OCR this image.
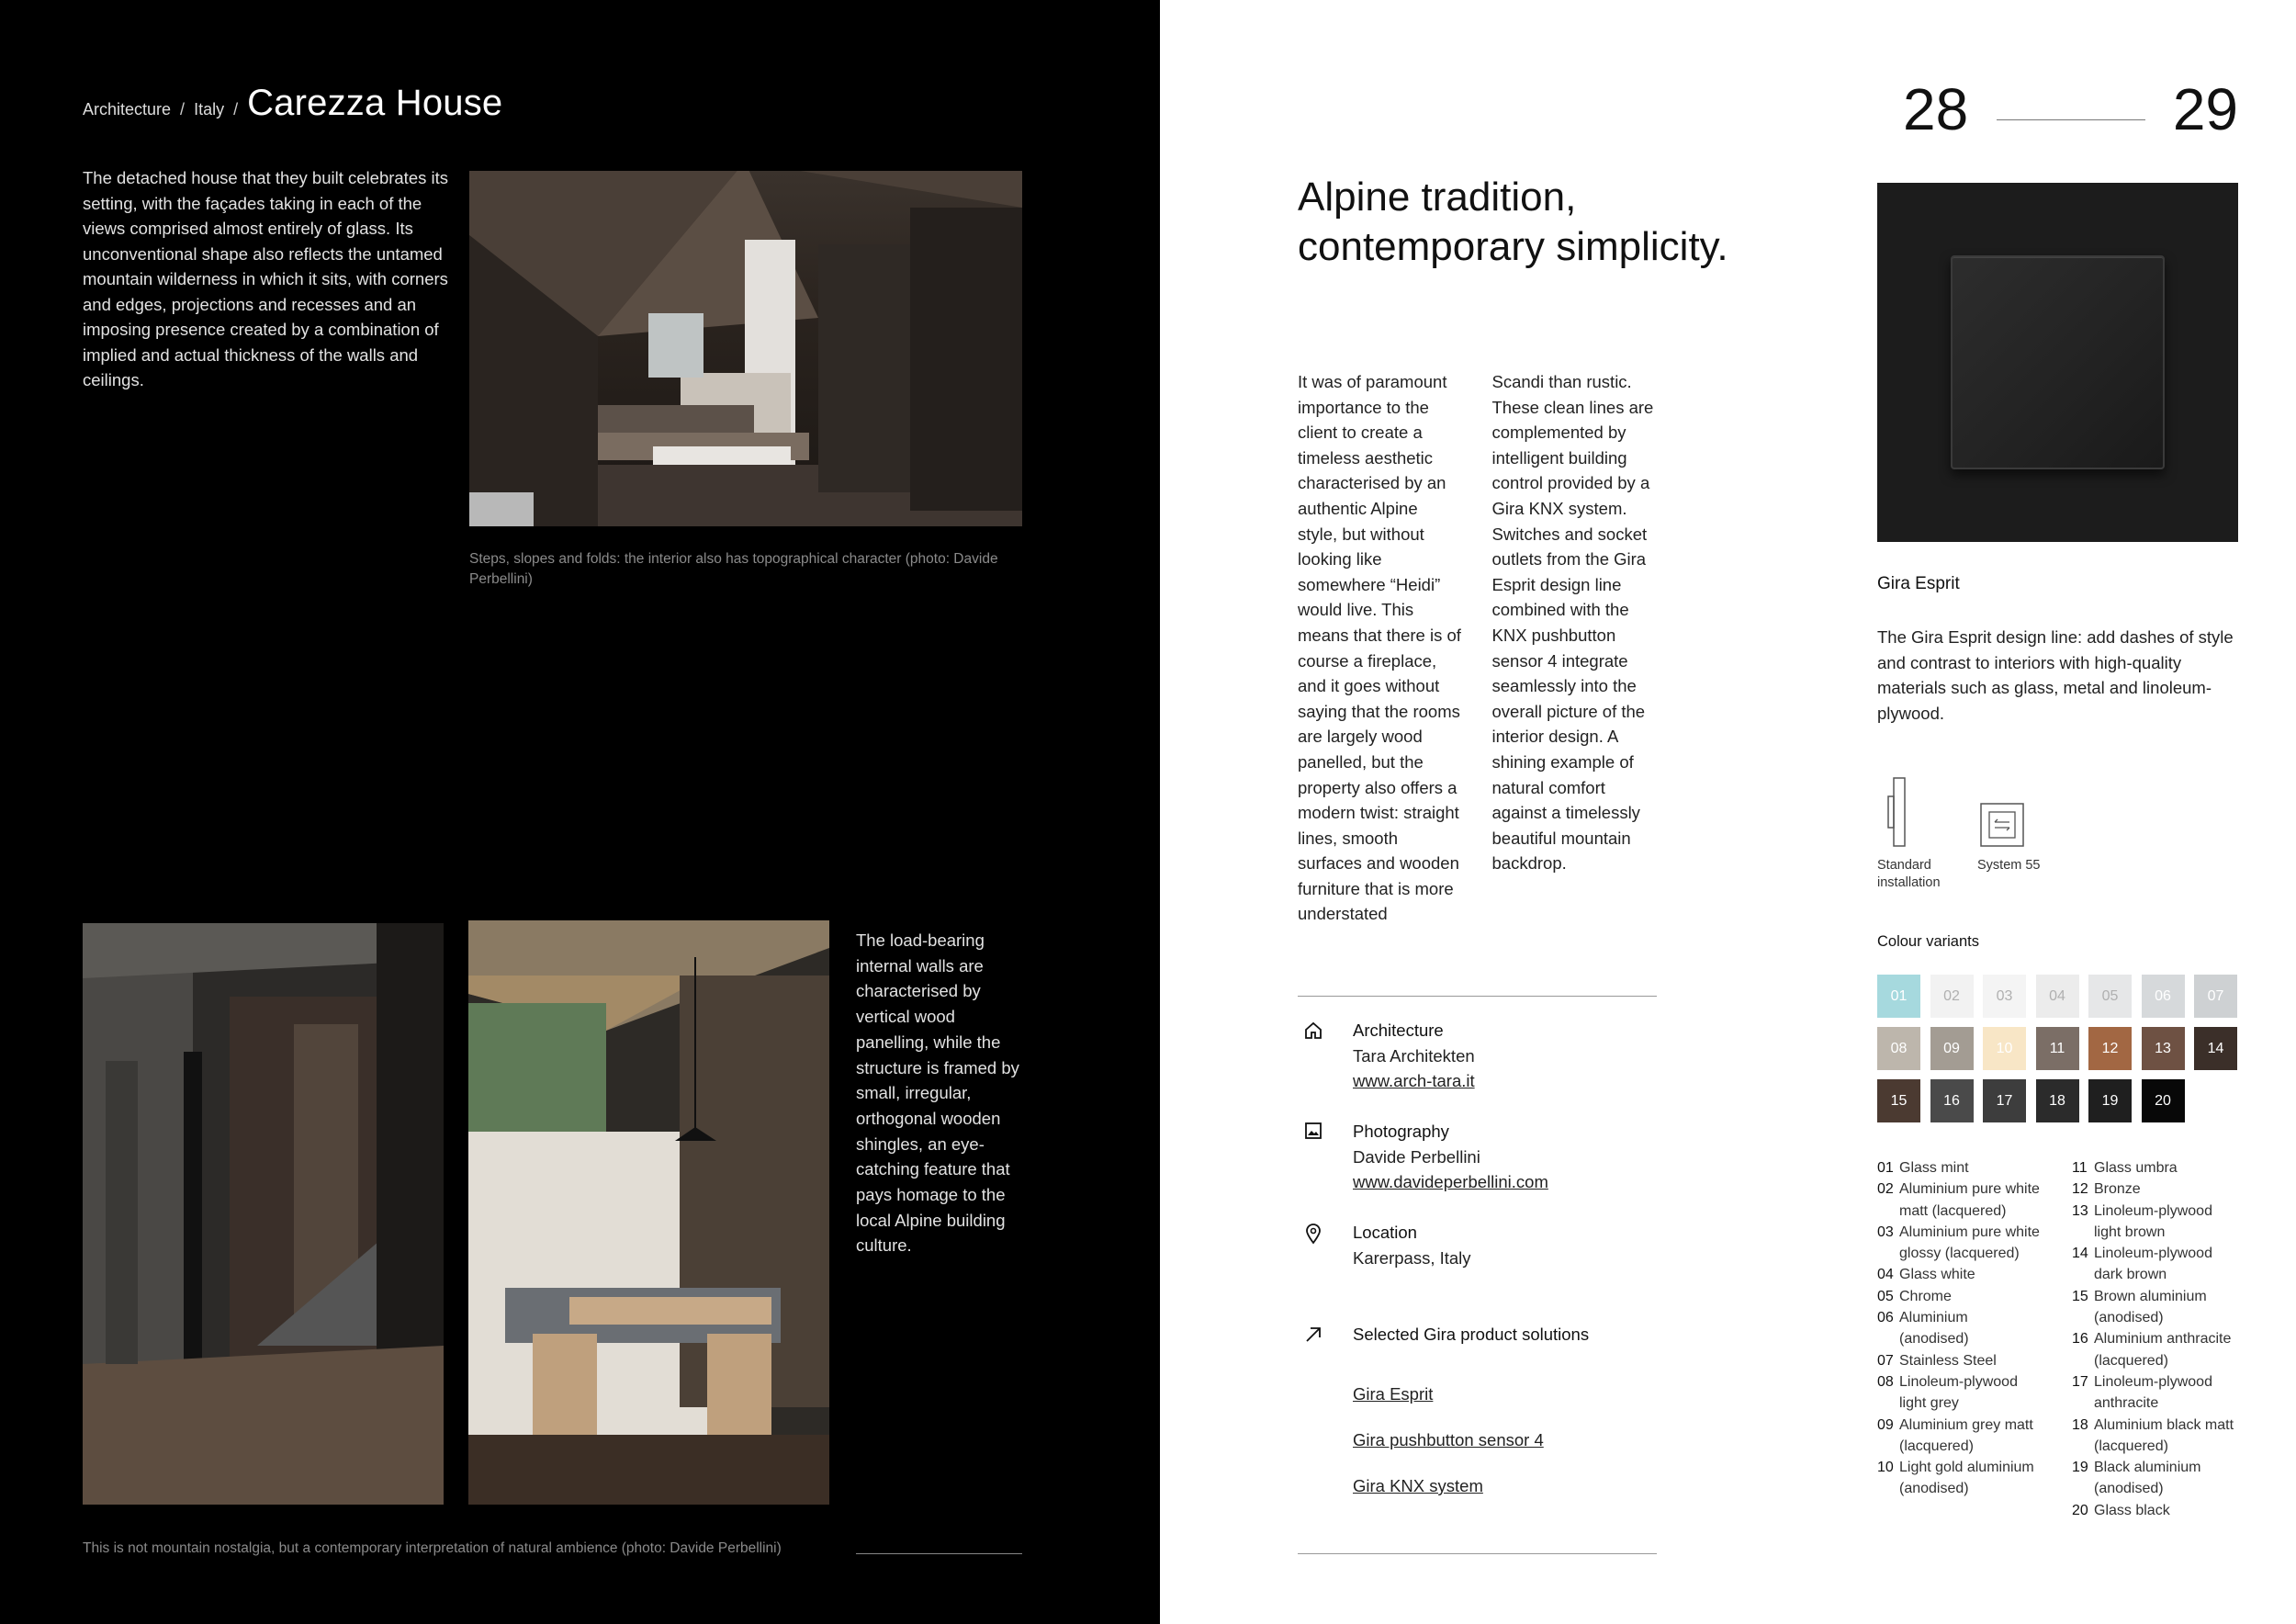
Architecture / Italy / Carezza House

The detached house that they built celebrates its setting, with the façades taking in each of the views comprised almost entirely of glass. Its unconventional shape also reflects the untamed mountain wilderness in which it sits, with corners and edges, projections and recesses and an imposing presence created by a combination of implied and actual thickness of the walls and ceilings.

Steps, slopes and folds: the interior also has topographical character (photo: Davide Perbellini)

The load-bearing internal walls are characterised by vertical wood panelling, while the structure is framed by small, irregular, orthogonal wooden shingles, an eye-catching feature that pays homage to the local Alpine building culture.

This is not mountain nostalgia, but a contemporary interpretation of natural ambience (photo: Davide Perbellini)

28	29
Alpine tradition, contemporary simplicity.

It was of paramount importance to the client to create a timeless aesthetic characterised by an authentic Alpine style, but without looking like somewhere “Heidi” would live. This means that there is of course a fireplace, and it goes without saying that the rooms are largely wood panelled, but the property also offers a modern twist: straight lines, smooth surfaces and wooden furniture that is more understated

Scandi than rustic. These clean lines are complemented by intelligent building control provided by a Gira KNX system. Switches and socket outlets from the Gira Esprit design line combined with the KNX pushbutton sensor 4 integrate seamlessly into the overall picture of the interior design. A shining example of natural comfort against a timelessly beautiful mountain backdrop.

Architecture
Tara Architekten
www.arch-tara.it
Photography
Davide Perbellini
www.davideperbellini.com
Location
Karerpass, Italy
Selected Gira product solutions
Gira Esprit
Gira pushbutton sensor 4
Gira KNX system
Gira Esprit

The Gira Esprit design line: add dashes of style and contrast to interiors with high-quality materials such as glass, metal and linoleum-plywood.

Standard installation
System 55
Colour variants
01	02	03	04	05	06	07
08	09	10	11	12	13	14
15	16	17	18	19	20
01 Glass mint
02 Aluminium pure white matt (lacquered)
03 Aluminium pure white glossy (lacquered)
04 Glass white
05 Chrome
06 Aluminium (anodised)
07 Stainless Steel
08 Linoleum-plywood light grey
09 Aluminium grey matt (lacquered)
10 Light gold aluminium (anodised)
11 Glass umbra
12 Bronze
13 Linoleum-plywood light brown
14 Linoleum-plywood dark brown
15 Brown aluminium (anodised)
16 Aluminium anthracite (lacquered)
17 Linoleum-plywood anthracite
18 Aluminium black matt (lacquered)
19 Black aluminium (anodised)
20 Glass black
